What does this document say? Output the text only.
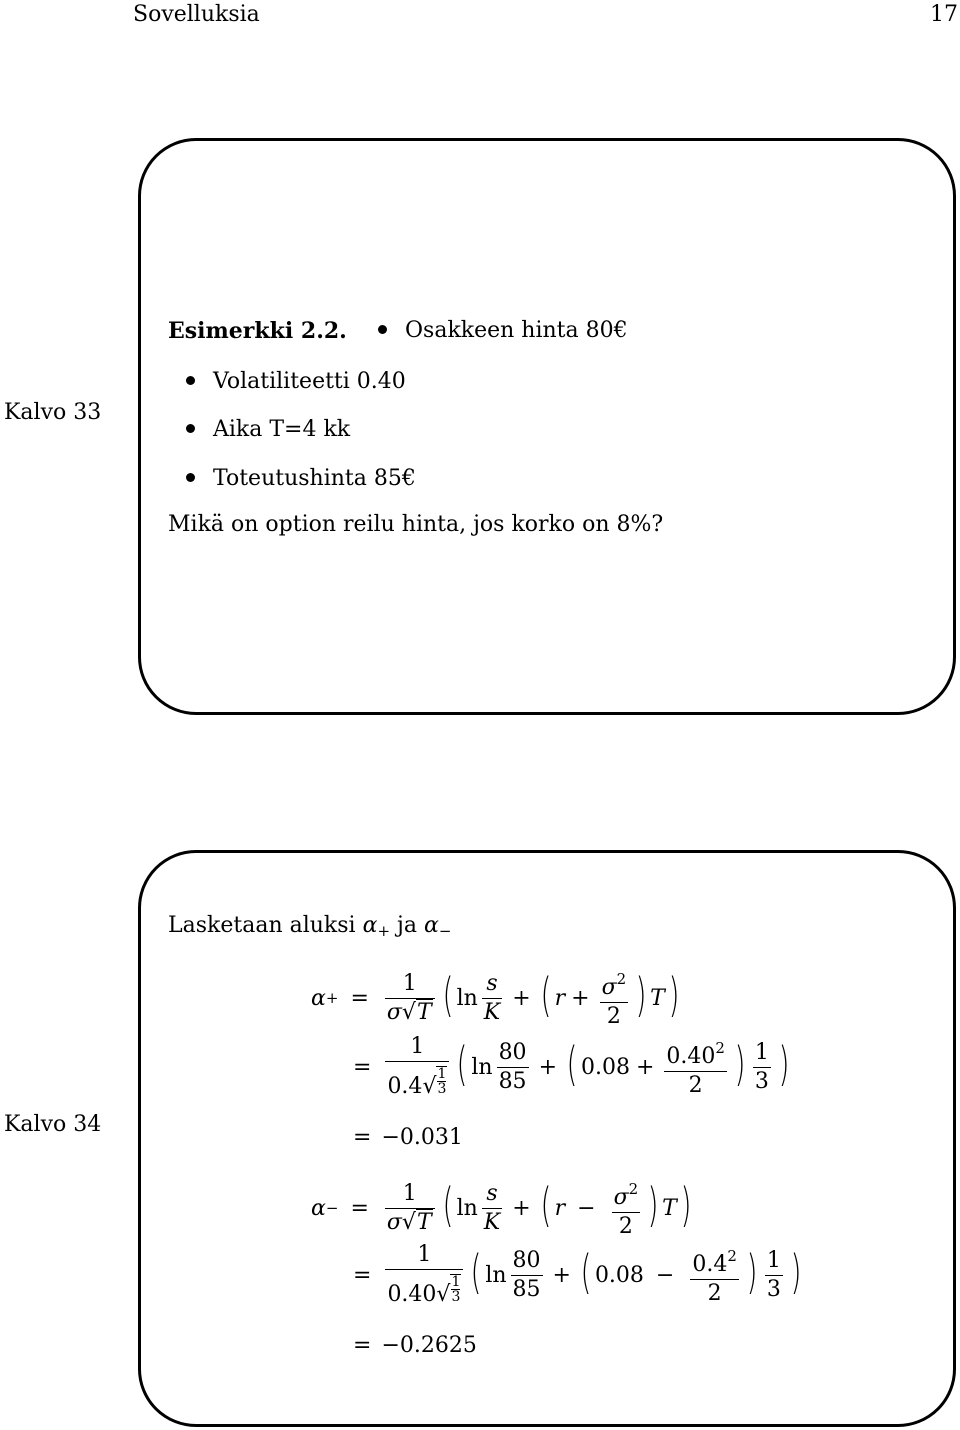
Sovelluksia	17
Kalvo 33
Esimerkki 2.2.	Osakkeen hinta 80€
Volatiliteetti 0.40
Aika T=4 kk
Toteutushinta 85€
Mikä on option reilu hinta, jos korko on 8%?
Kalvo 34
Lasketaan aluksi $\alpha_+$ ja $\alpha_-$
α + = $\frac{1}{\sigma√T}$ ( $\ln \frac{s}{K}$ + ( $r + \frac{\sigma^2}{2}$ ) T )
= $\frac{1}{0.4√ \frac{1}{3}}$ ( $\ln \frac{80}{85}$ + ( $0.08 + \frac{0.40^2}{2}$ ) $\frac{1}{3}$ )
= −0.031
α − = $\frac{1}{\sigma√T}$ ( $\ln \frac{s}{K}$ + ( $r - \frac{\sigma^2}{2}$ ) T )
= $\frac{1}{0.40√ \frac{1}{3}}$ ( $\ln \frac{80}{85}$ + ( $0.08 - \frac{0.4^2}{2}$ ) $\frac{1}{3}$ )
= −0.2625
